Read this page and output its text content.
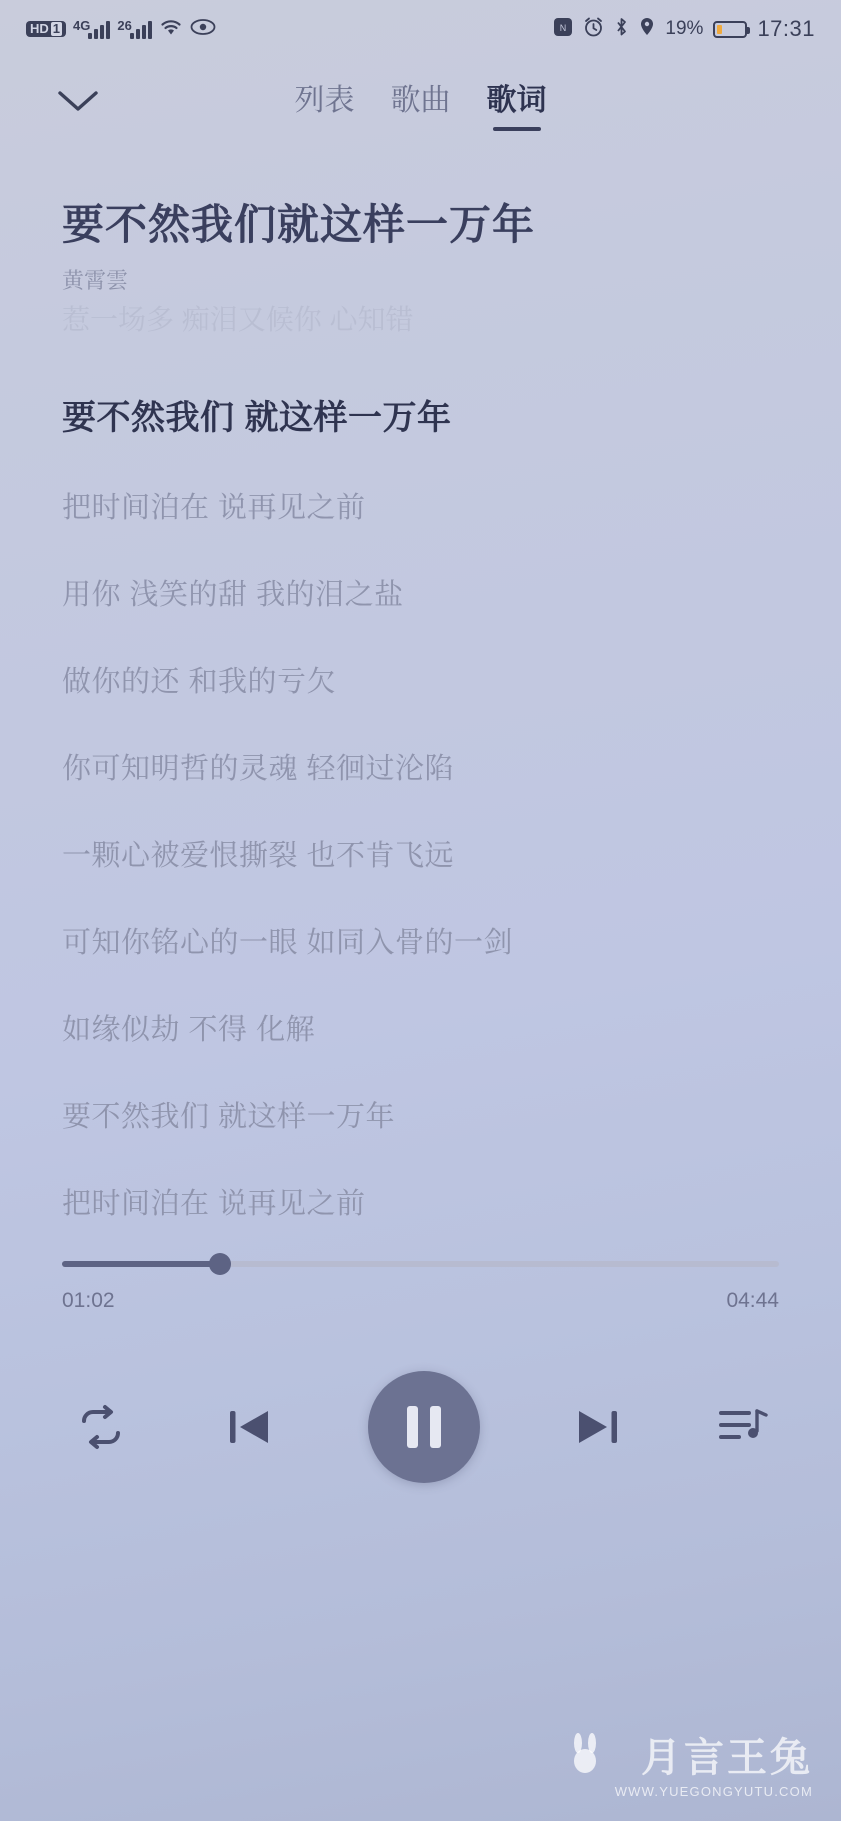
HD 1 4G 26	N	19% 17:31
列表 歌曲 歌词
要不然我们就这样一万年
黄霄雲
惹一场多 痴泪又候你 心知错
要不然我们 就这样一万年
把时间泊在 说再见之前
用你 浅笑的甜 我的泪之盐
做你的还 和我的亏欠
你可知明哲的灵魂 轻徊过沦陷
一颗心被爱恨撕裂 也不肯飞远
可知你铭心的一眼 如同入骨的一剑
如缘似劫 不得 化解
要不然我们 就这样一万年
把时间泊在 说再见之前
01:02	04:44
月言王兔
WWW.YUEGONGYUTU.COM
